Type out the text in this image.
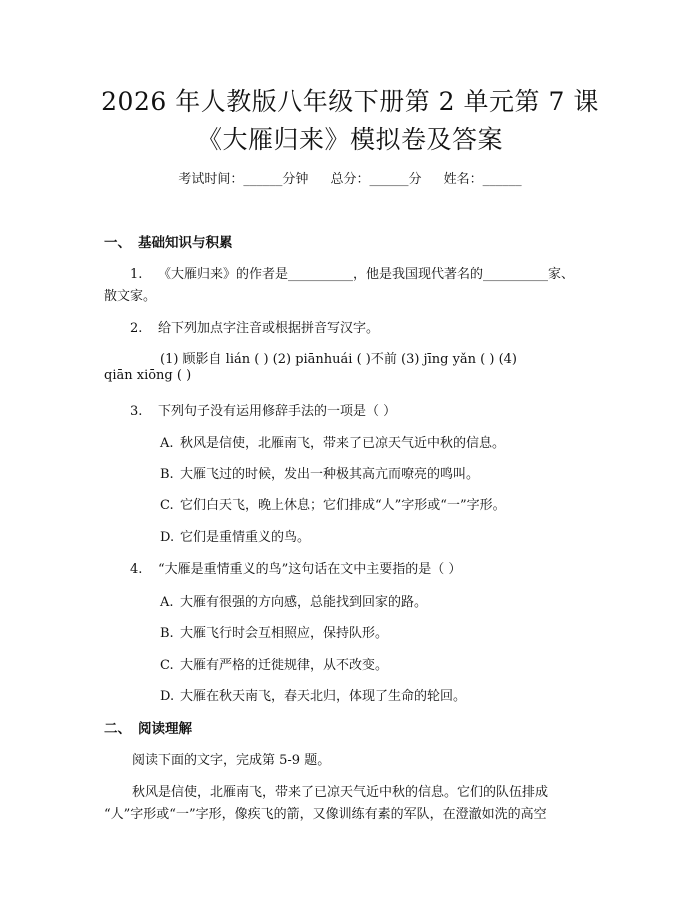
2026 年人教版八年级下册第 2 单元第 7 课
《大雁归来》模拟卷及答案
考试时间：______分钟 总分：______分 姓名：______
一、 基础知识与积累
1. 《大雁归来》的作者是__________，他是我国现代著名的__________家、
散文家。
2. 给下列加点字注音或根据拼音写汉字。
(1) 顾影自 lián ( ) (2) piānhuái ( )不前 (3) jīng yǎn ( ) (4)
qiān xiōng ( )
3. 下列句子没有运用修辞手法的一项是（ ）
A. 秋风是信使，北雁南飞，带来了已凉天气近中秋的信息。
B. 大雁飞过的时候，发出一种极其高亢而嘹亮的鸣叫。
C. 它们白天飞，晚上休息；它们排成“人”字形或“一”字形。
D. 它们是重情重义的鸟。
4. “大雁是重情重义的鸟”这句话在文中主要指的是（ ）
A. 大雁有很强的方向感，总能找到回家的路。
B. 大雁飞行时会互相照应，保持队形。
C. 大雁有严格的迁徙规律，从不改变。
D. 大雁在秋天南飞，春天北归，体现了生命的轮回。
二、 阅读理解
阅读下面的文字，完成第 5-9 题。
秋风是信使，北雁南飞，带来了已凉天气近中秋的信息。它们的队伍排成
“人”字形或“一”字形，像疾飞的箭，又像训练有素的军队，在澄澈如洗的高空
